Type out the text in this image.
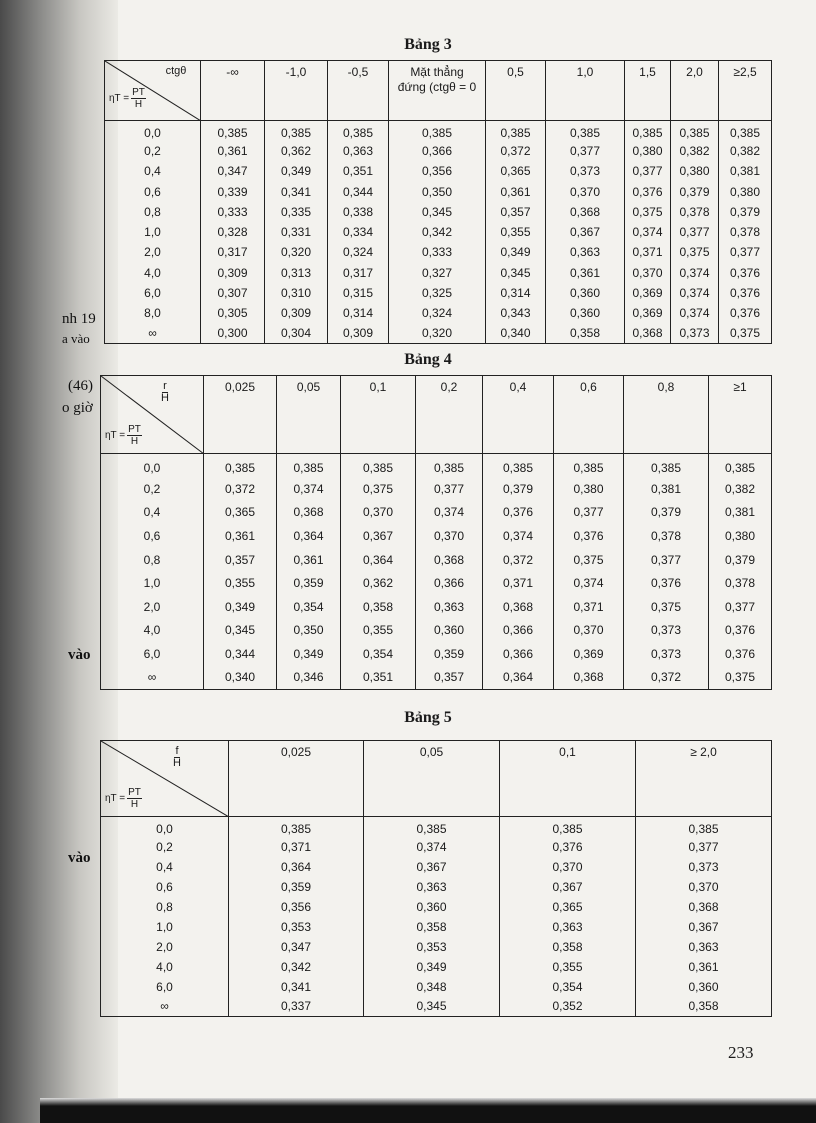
nh 19
a vào
(46)
o giờ
vào
vào
Bảng 3
ctgθ
$\eta T = \frac{PT}{H}$	-∞	-1,0	-0,5	Mặt thẳng đứng (ctgθ = 0	0,5	1,0	1,5	2,0	≥2,5
0,0	0,385	0,385	0,385	0,385	0,385	0,385	0,385	0,385	0,385
0,2	0,361	0,362	0,363	0,366	0,372	0,377	0,380	0,382	0,382
0,4	0,347	0,349	0,351	0,356	0,365	0,373	0,377	0,380	0,381
0,6	0,339	0,341	0,344	0,350	0,361	0,370	0,376	0,379	0,380
0,8	0,333	0,335	0,338	0,345	0,357	0,368	0,375	0,378	0,379
1,0	0,328	0,331	0,334	0,342	0,355	0,367	0,374	0,377	0,378
2,0	0,317	0,320	0,324	0,333	0,349	0,363	0,371	0,375	0,377
4,0	0,309	0,313	0,317	0,327	0,345	0,361	0,370	0,374	0,376
6,0	0,307	0,310	0,315	0,325	0,314	0,360	0,369	0,374	0,376
8,0	0,305	0,309	0,314	0,324	0,343	0,360	0,369	0,374	0,376
∞	0,300	0,304	0,309	0,320	0,340	0,358	0,368	0,373	0,375
Bảng 4
$\frac{r}{H}$
$\eta T = \frac{PT}{H}$	0,025	0,05	0,1	0,2	0,4	0,6	0,8	≥1
0,0	0,385	0,385	0,385	0,385	0,385	0,385	0,385	0,385
0,2	0,372	0,374	0,375	0,377	0,379	0,380	0,381	0,382
0,4	0,365	0,368	0,370	0,374	0,376	0,377	0,379	0,381
0,6	0,361	0,364	0,367	0,370	0,374	0,376	0,378	0,380
0,8	0,357	0,361	0,364	0,368	0,372	0,375	0,377	0,379
1,0	0,355	0,359	0,362	0,366	0,371	0,374	0,376	0,378
2,0	0,349	0,354	0,358	0,363	0,368	0,371	0,375	0,377
4,0	0,345	0,350	0,355	0,360	0,366	0,370	0,373	0,376
6,0	0,344	0,349	0,354	0,359	0,366	0,369	0,373	0,376
∞	0,340	0,346	0,351	0,357	0,364	0,368	0,372	0,375
Bảng 5
$\frac{f}{H}$
$\eta T = \frac{PT}{H}$	0,025	0,05	0,1	≥ 2,0
0,0	0,385	0,385	0,385	0,385
0,2	0,371	0,374	0,376	0,377
0,4	0,364	0,367	0,370	0,373
0,6	0,359	0,363	0,367	0,370
0,8	0,356	0,360	0,365	0,368
1,0	0,353	0,358	0,363	0,367
2,0	0,347	0,353	0,358	0,363
4,0	0,342	0,349	0,355	0,361
6,0	0,341	0,348	0,354	0,360
∞	0,337	0,345	0,352	0,358
233
